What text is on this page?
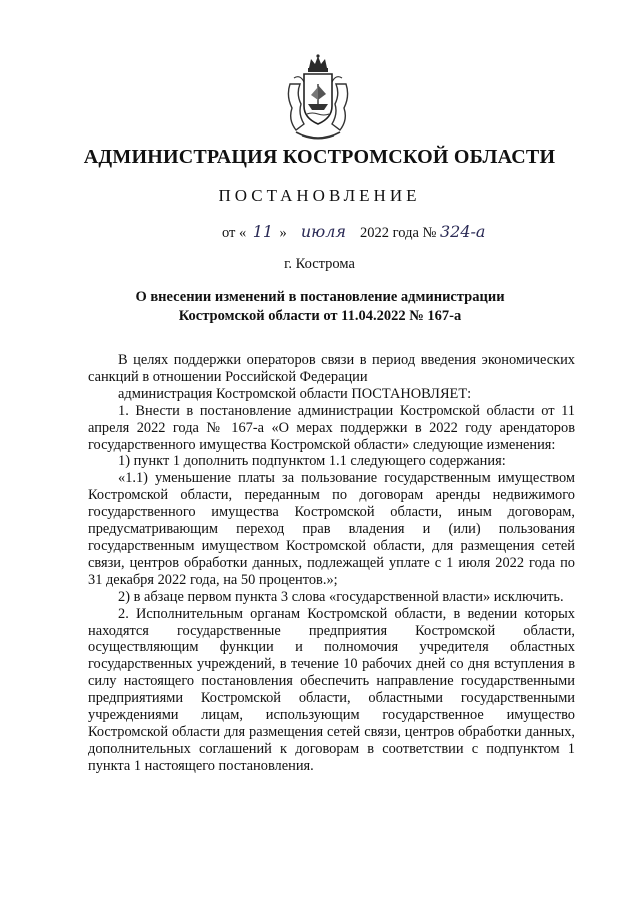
АДМИНИСТРАЦИЯ КОСТРОМСКОЙ ОБЛАСТИ
ПОСТАНОВЛЕНИЕ
от « 11 » июля 2022 года № 324-а
г. Кострома
О внесении изменений в постановление администрации
Костромской области от 11.04.2022 № 167-а

В целях поддержки операторов связи в период введения экономических санкций в отношении Российской Федерации

администрация Костромской области ПОСТАНОВЛЯЕТ:

1. Внести в постановление администрации Костромской области от 11 апреля 2022 года № 167-а «О мерах поддержки в 2022 году арендаторов государственного имущества Костромской области» следующие изменения:

1) пункт 1 дополнить подпунктом 1.1 следующего содержания:

«1.1) уменьшение платы за пользование государственным имуществом Костромской области, переданным по договорам аренды недвижимого государственного имущества Костромской области, иным договорам, предусматривающим переход прав владения и (или) пользования государственным имуществом Костромской области, для размещения сетей связи, центров обработки данных, подлежащей уплате с 1 июля 2022 года по 31 декабря 2022 года, на 50 процентов.»;

2) в абзаце первом пункта 3 слова «государственной власти» исключить.

2. Исполнительным органам Костромской области, в ведении которых находятся государственные предприятия Костромской области, осуществляющим функции и полномочия учредителя областных государственных учреждений, в течение 10 рабочих дней со дня вступления в силу настоящего постановления обеспечить направление государственными предприятиями Костромской области, областными государственными учреждениями лицам, использующим государственное имущество Костромской области для размещения сетей связи, центров обработки данных, дополнительных соглашений к договорам в соответствии с подпунктом 1 пункта 1 настоящего постановления.
